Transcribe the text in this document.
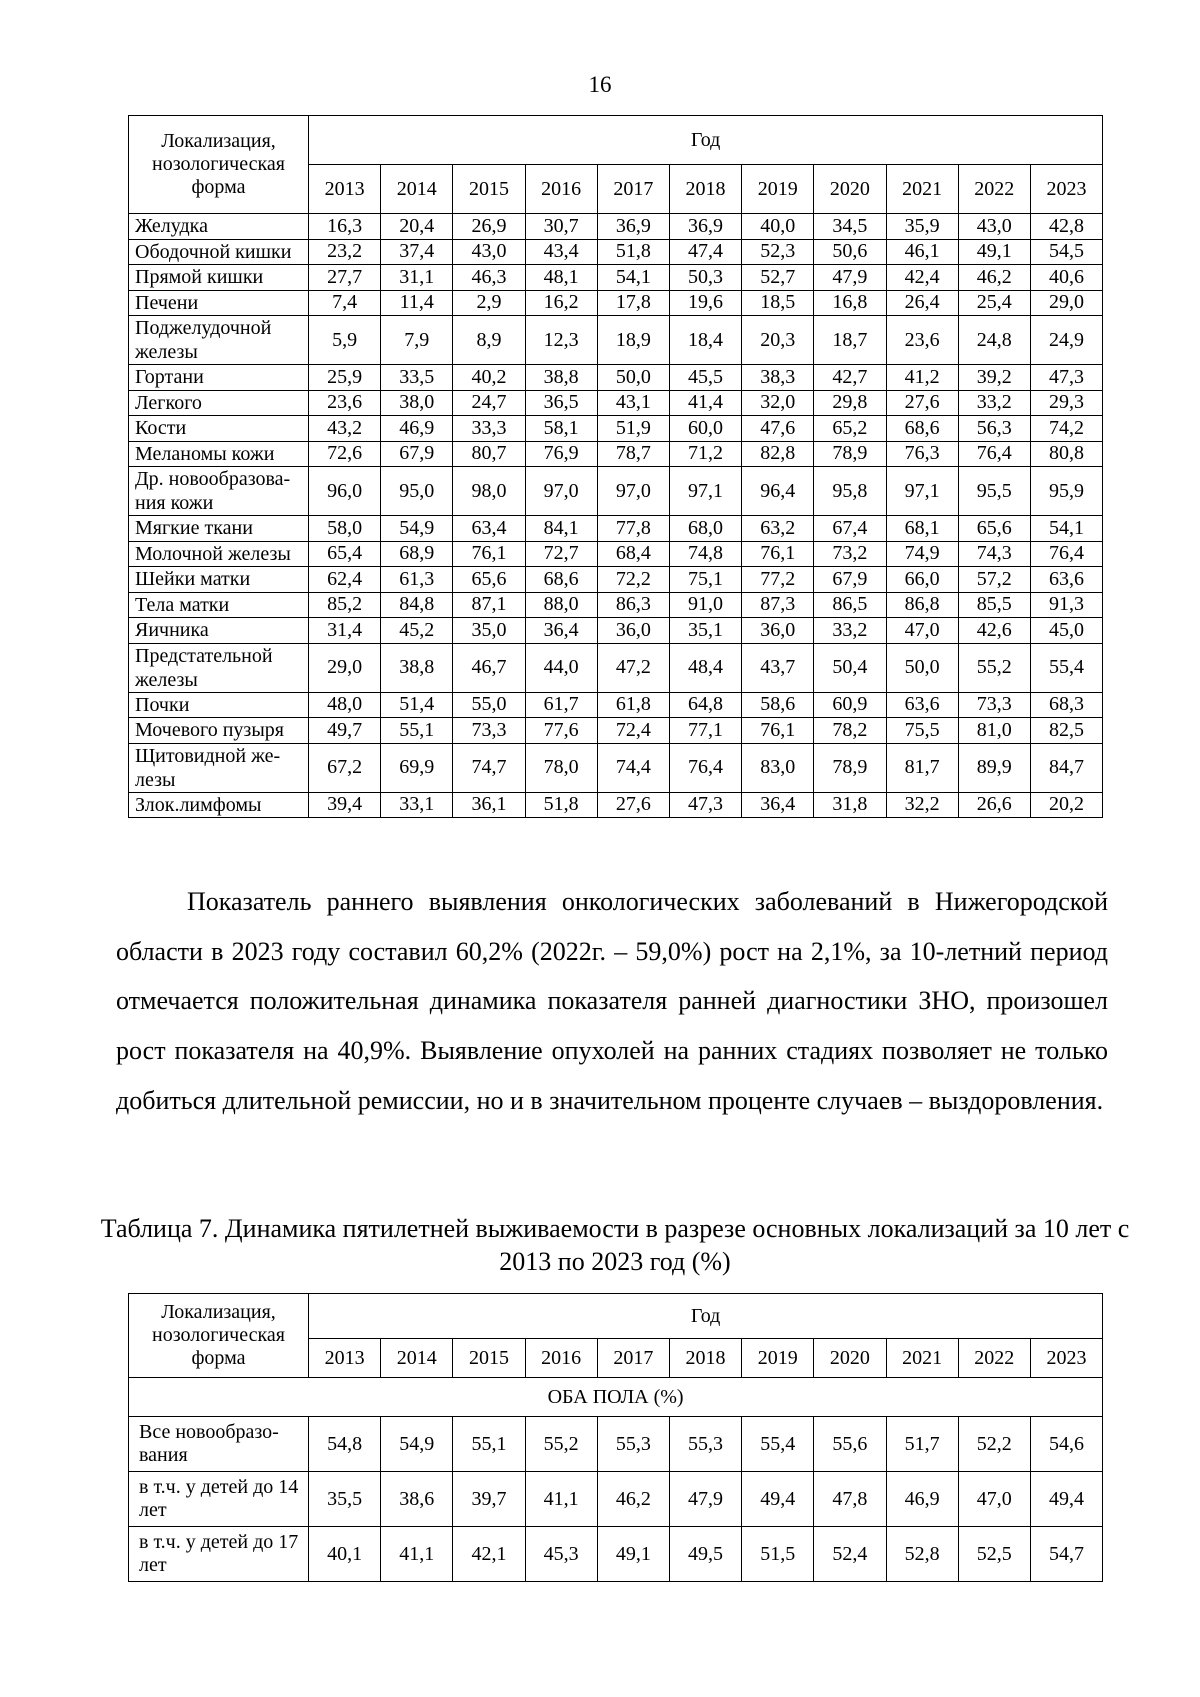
16
Локализация, нозологическая форма	Год										
	2013	2014	2015	2016	2017	2018	2019	2020	2021	2022	2023
Желудка	16,3	20,4	26,9	30,7	36,9	36,9	40,0	34,5	35,9	43,0	42,8
Ободочной кишки	23,2	37,4	43,0	43,4	51,8	47,4	52,3	50,6	46,1	49,1	54,5
Прямой кишки	27,7	31,1	46,3	48,1	54,1	50,3	52,7	47,9	42,4	46,2	40,6
Печени	7,4	11,4	2,9	16,2	17,8	19,6	18,5	16,8	26,4	25,4	29,0
Поджелудочной железы	5,9	7,9	8,9	12,3	18,9	18,4	20,3	18,7	23,6	24,8	24,9
Гортани	25,9	33,5	40,2	38,8	50,0	45,5	38,3	42,7	41,2	39,2	47,3
Легкого	23,6	38,0	24,7	36,5	43,1	41,4	32,0	29,8	27,6	33,2	29,3
Кости	43,2	46,9	33,3	58,1	51,9	60,0	47,6	65,2	68,6	56,3	74,2
Меланомы кожи	72,6	67,9	80,7	76,9	78,7	71,2	82,8	78,9	76,3	76,4	80,8
Др. новообразова-ния кожи	96,0	95,0	98,0	97,0	97,0	97,1	96,4	95,8	97,1	95,5	95,9
Мягкие ткани	58,0	54,9	63,4	84,1	77,8	68,0	63,2	67,4	68,1	65,6	54,1
Молочной железы	65,4	68,9	76,1	72,7	68,4	74,8	76,1	73,2	74,9	74,3	76,4
Шейки матки	62,4	61,3	65,6	68,6	72,2	75,1	77,2	67,9	66,0	57,2	63,6
Тела матки	85,2	84,8	87,1	88,0	86,3	91,0	87,3	86,5	86,8	85,5	91,3
Яичника	31,4	45,2	35,0	36,4	36,0	35,1	36,0	33,2	47,0	42,6	45,0
Предстательной железы	29,0	38,8	46,7	44,0	47,2	48,4	43,7	50,4	50,0	55,2	55,4
Почки	48,0	51,4	55,0	61,7	61,8	64,8	58,6	60,9	63,6	73,3	68,3
Мочевого пузыря	49,7	55,1	73,3	77,6	72,4	77,1	76,1	78,2	75,5	81,0	82,5
Щитовидной же-лезы	67,2	69,9	74,7	78,0	74,4	76,4	83,0	78,9	81,7	89,9	84,7
Злок.лимфомы	39,4	33,1	36,1	51,8	27,6	47,3	36,4	31,8	32,2	26,6	20,2

Показатель раннего выявления онкологических заболеваний в Нижегородской области в 2023 году составил 60,2% (2022г. – 59,0%) рост на 2,1%, за 10-летний период отмечается положительная динамика показателя ранней диагностики ЗНО, произошел рост показателя на 40,9%. Выявление опухолей на ранних стадиях позволяет не только добиться длительной ремиссии, но и в значительном проценте случаев – выздоровления.

Таблица 7. Динамика пятилетней выживаемости в разрезе основных локализаций за 10 лет с 2013 по 2023 год (%)
Локализация, нозологическая форма	Год										
	2013	2014	2015	2016	2017	2018	2019	2020	2021	2022	2023
ОБА ПОЛА (%)											
Все новообразо-вания	54,8	54,9	55,1	55,2	55,3	55,3	55,4	55,6	51,7	52,2	54,6
в т.ч. у детей до 14 лет	35,5	38,6	39,7	41,1	46,2	47,9	49,4	47,8	46,9	47,0	49,4
в т.ч. у детей до 17 лет	40,1	41,1	42,1	45,3	49,1	49,5	51,5	52,4	52,8	52,5	54,7
